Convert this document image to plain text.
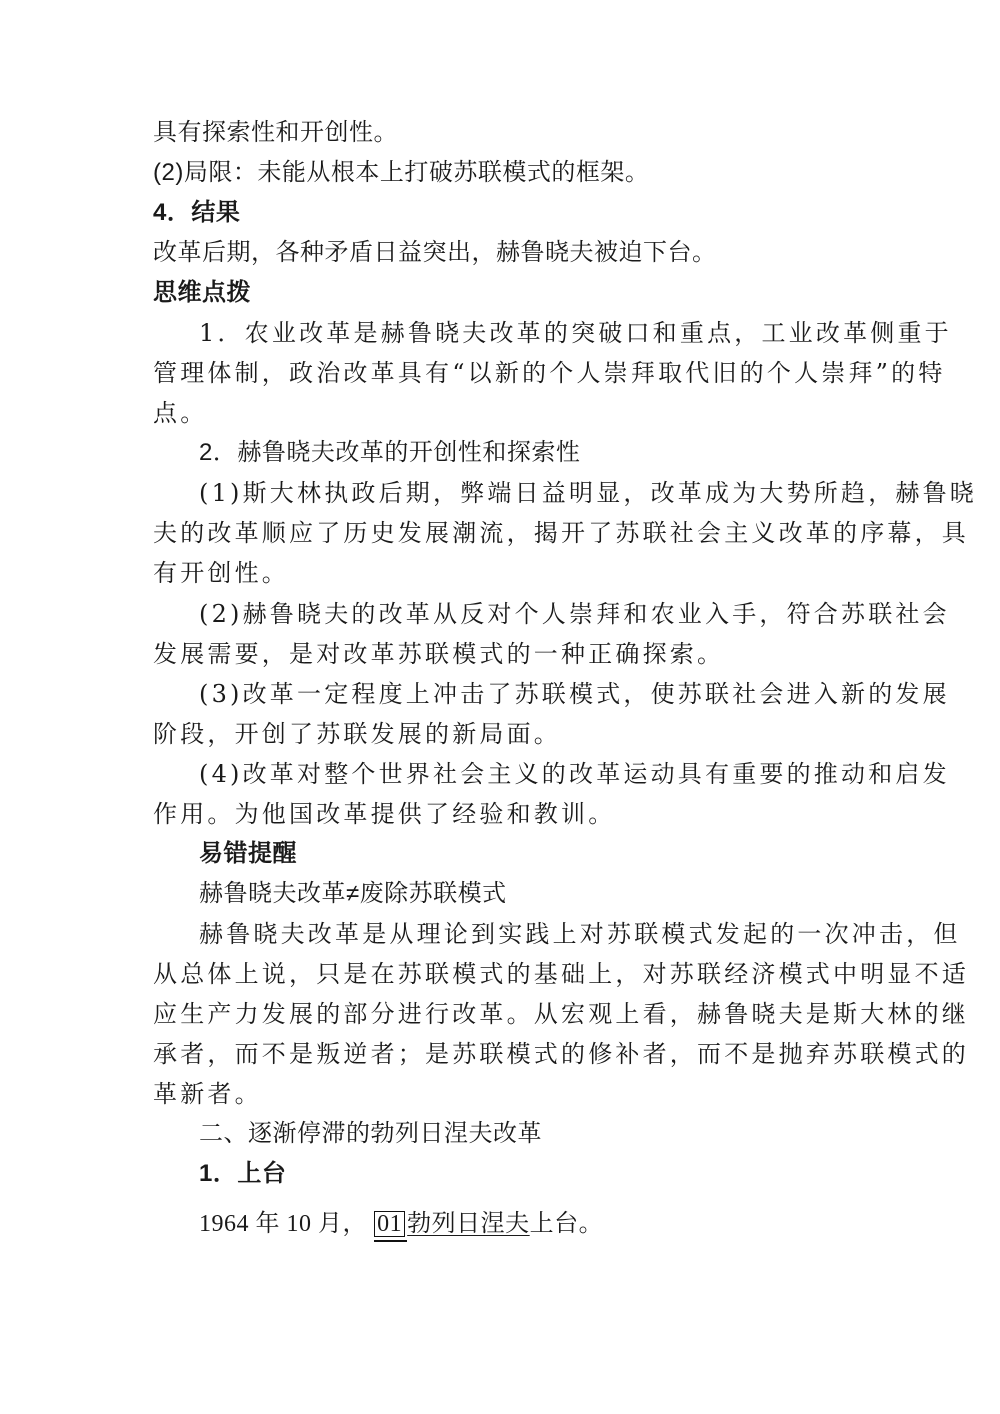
具有探索性和开创性。
(2)局限：未能从根本上打破苏联模式的框架。
4．结果
改革后期，各种矛盾日益突出，赫鲁晓夫被迫下台。
思维点拨
1．农业改革是赫鲁晓夫改革的突破口和重点，工业改革侧重于
管理体制，政治改革具有“以新的个人崇拜取代旧的个人崇拜”的特
点。
2．赫鲁晓夫改革的开创性和探索性
(1)斯大林执政后期，弊端日益明显，改革成为大势所趋，赫鲁晓
夫的改革顺应了历史发展潮流，揭开了苏联社会主义改革的序幕，具
有开创性。
(2)赫鲁晓夫的改革从反对个人崇拜和农业入手，符合苏联社会
发展需要，是对改革苏联模式的一种正确探索。
(3)改革一定程度上冲击了苏联模式，使苏联社会进入新的发展
阶段，开创了苏联发展的新局面。
(4)改革对整个世界社会主义的改革运动具有重要的推动和启发
作用。为他国改革提供了经验和教训。
易错提醒
赫鲁晓夫改革≠废除苏联模式
赫鲁晓夫改革是从理论到实践上对苏联模式发起的一次冲击，但
从总体上说，只是在苏联模式的基础上，对苏联经济模式中明显不适
应生产力发展的部分进行改革。从宏观上看，赫鲁晓夫是斯大林的继
承者，而不是叛逆者；是苏联模式的修补者，而不是抛弃苏联模式的
革新者。
二、逐渐停滞的勃列日涅夫改革
1．上台
1964 年 10 月， 01 勃列日涅夫上台。
